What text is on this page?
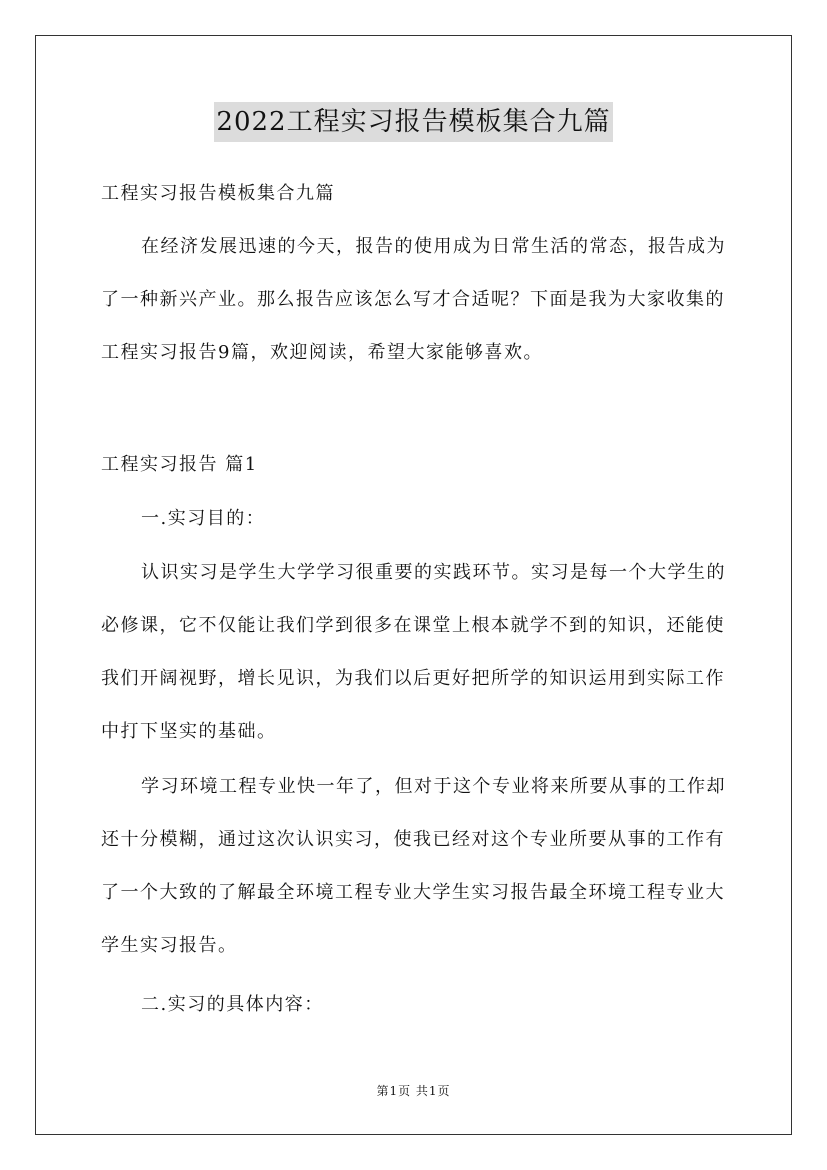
2022工程实习报告模板集合九篇

工程实习报告模板集合九篇

在经济发展迅速的今天，报告的使用成为日常生活的常态，报告成为了一种新兴产业。那么报告应该怎么写才合适呢？下面是我为大家收集的工程实习报告9篇，欢迎阅读，希望大家能够喜欢。

工程实习报告 篇1

一.实习目的：

认识实习是学生大学学习很重要的实践环节。实习是每一个大学生的必修课，它不仅能让我们学到很多在课堂上根本就学不到的知识，还能使我们开阔视野，增长见识，为我们以后更好把所学的知识运用到实际工作中打下坚实的基础。

学习环境工程专业快一年了，但对于这个专业将来所要从事的工作却还十分模糊，通过这次认识实习，使我已经对这个专业所要从事的工作有了一个大致的了解最全环境工程专业大学生实习报告最全环境工程专业大学生实习报告。

二.实习的具体内容：

第1页 共1页
